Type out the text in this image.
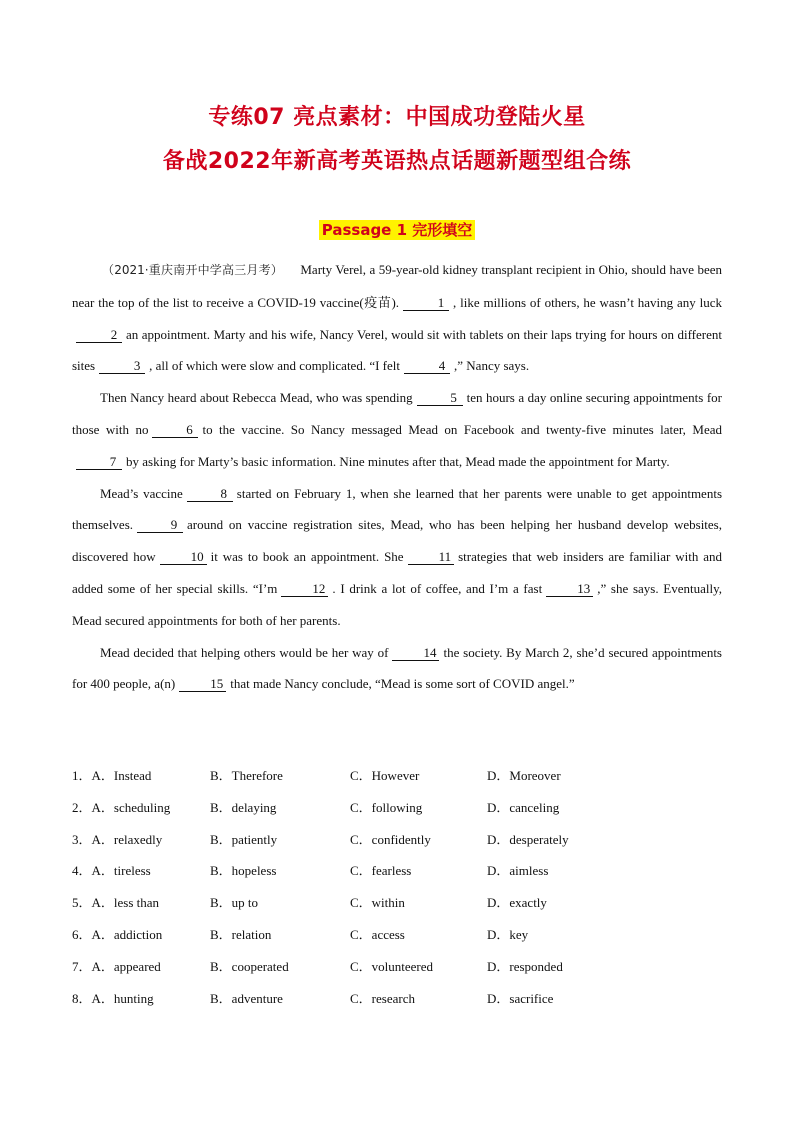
专练07 亮点素材：中国成功登陆火星
备战2022年新高考英语热点话题新题型组合练
Passage 1 完形填空

（2021·重庆南开中学高三月考） Marty Verel, a 59-year-old kidney transplant recipient in Ohio, should have been near the top of the list to receive a COVID-19 vaccine(疫苗).	1 , like millions of others, he wasn’t having any luck2 an appointment. Marty and his wife, Nancy Verel, would sit with tablets on their laps trying for hours on different sites	3 , all of which were slow and complicated. “I felt	4 ,” Nancy says.

Then Nancy heard about Rebecca Mead, who was spending	5 ten hours a day online securing appointments for those with no	6 to the vaccine. So Nancy messaged Mead on Facebook and twenty-five minutes later, Mead7 by asking for Marty’s basic information. Nine minutes after that, Mead made the appointment for Marty.

Mead’s vaccine	8 started on February 1, when she learned that her parents were unable to get appointments themselves.	9 around on vaccine registration sites, Mead, who has been helping her husband develop websites, discovered how	10 it was to book an appointment. She	11 strategies that web insiders are familiar with and added some of her special skills. “I’m	12 . I drink a lot of coffee, and I’m a fast	13 ,” she says. Eventually, Mead secured appointments for both of her parents.

Mead decided that helping others would be her way of	14 the society. By March 2, she’d secured appointments for 400 people, a(n)	15 that made Nancy conclude, “Mead is some sort of COVID angel.”

1．A．Instead	B．Therefore	C．However	D．Moreover
2．A．scheduling	B．delaying	C．following	D．canceling
3．A．relaxedly	B．patiently	C．confidently	D．desperately
4．A．tireless	B．hopeless	C．fearless	D．aimless
5．A．less than	B．up to	C．within	D．exactly
6．A．addiction	B．relation	C．access	D．key
7．A．appeared	B．cooperated	C．volunteered	D．responded
8．A．hunting	B．adventure	C．research	D．sacrifice
